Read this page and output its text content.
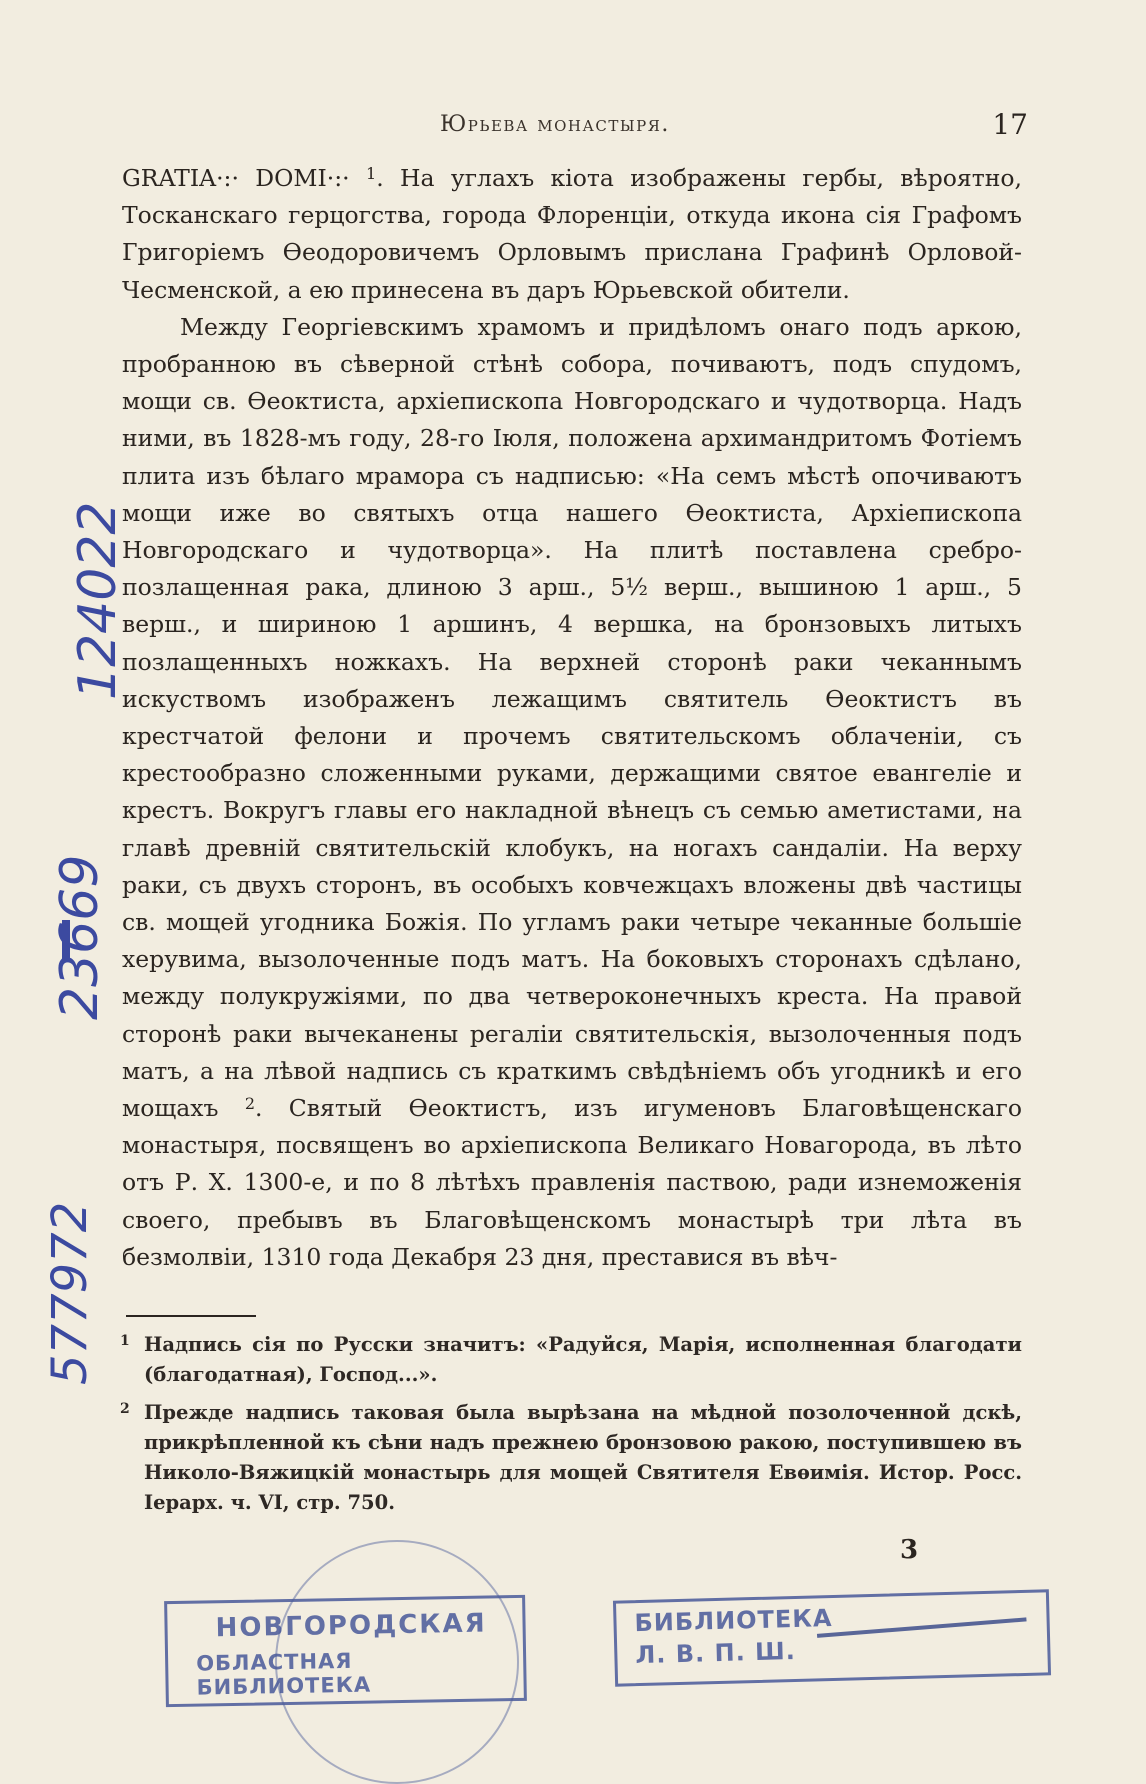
Юрьева монастыря.	17

GRATIA·:· DOMI·:· $^1$. На углахъ кіота изображены гербы, вѣроятно, Тосканскаго герцогства, города Флоренціи, откуда икона сія Графомъ Григоріемъ Ѳеодоровичемъ Орловымъ прислана Графинѣ Орловой-Чесменской, а ею принесена въ даръ Юрьевской обители.

Между Георгіевскимъ храмомъ и придѣломъ онаго подъ аркою, пробранною въ сѣверной стѣнѣ собора, почиваютъ, подъ спудомъ, мощи св. Ѳеоктиста, архіепископа Новгородскаго и чудотворца. Надъ ними, въ 1828-мъ году, 28-го Іюля, положена архимандритомъ Фотіемъ плита изъ бѣлаго мрамора съ надписью: «На семъ мѣстѣ опочиваютъ мощи иже во святыхъ отца нашего Ѳеоктиста, Архіепископа Новгородскаго и чудотворца». На плитѣ поставлена сребро-позлащенная рака, длиною 3 арш., 5½ верш., вышиною 1 арш., 5 верш., и шириною 1 аршинъ, 4 вершка, на бронзовыхъ литыхъ позлащенныхъ ножкахъ. На верхней сторонѣ раки чеканнымъ искуствомъ изображенъ лежащимъ святитель Ѳеоктистъ въ крестчатой фелони и прочемъ святительскомъ облаченіи, съ крестообразно сложенными руками, держащими святое евангеліе и крестъ. Вокругъ главы его накладной вѣнецъ съ семью аметистами, на главѣ древній святительскій клобукъ, на ногахъ сандаліи. На верху раки, съ двухъ сторонъ, въ особыхъ ковчежцахъ вложены двѣ частицы св. мощей угодника Божія. По угламъ раки четыре чеканные большіе херувима, вызолоченные подъ матъ. На боковыхъ сторонахъ сдѣлано, между полукружіями, по два четвероконечныхъ креста. На правой сторонѣ раки вычеканены регаліи святительскія, вызолоченныя подъ матъ, а на лѣвой надпись съ краткимъ свѣдѣніемъ объ угодникѣ и его мощахъ $^2$. Святый Ѳеоктистъ, изъ игуменовъ Благовѣщенскаго монастыря, посвященъ во архіепископа Великаго Новагорода, въ лѣто отъ Р. Х. 1300-е, и по 8 лѣтѣхъ правленія паствою, ради изнеможенія своего, пребывъ въ Благовѣщенскомъ монастырѣ три лѣта въ безмолвіи, 1310 года Декабря 23 дня, преставися въ вѣч-

1 Надпись сія по Русски значитъ: «Радуйся, Марія, исполненная благодати (благодатная), Господ...».
2 Прежде надпись таковая была вырѣзана на мѣдной позолоченной дскѣ, прикрѣпленной къ сѣни надъ прежнею бронзовою ракою, поступившею въ Николо-Вяжицкій монастырь для мощей Святителя Евѳимія. Истор. Росс. Іерарх. ч. VI, стр. 750.
3
НОВГОРОДСКАЯ
ОБЛАСТНАЯ БИБЛИОТЕКА
БИБЛИОТЕКА
Л. В. П. Ш.
124022
23669
577972
